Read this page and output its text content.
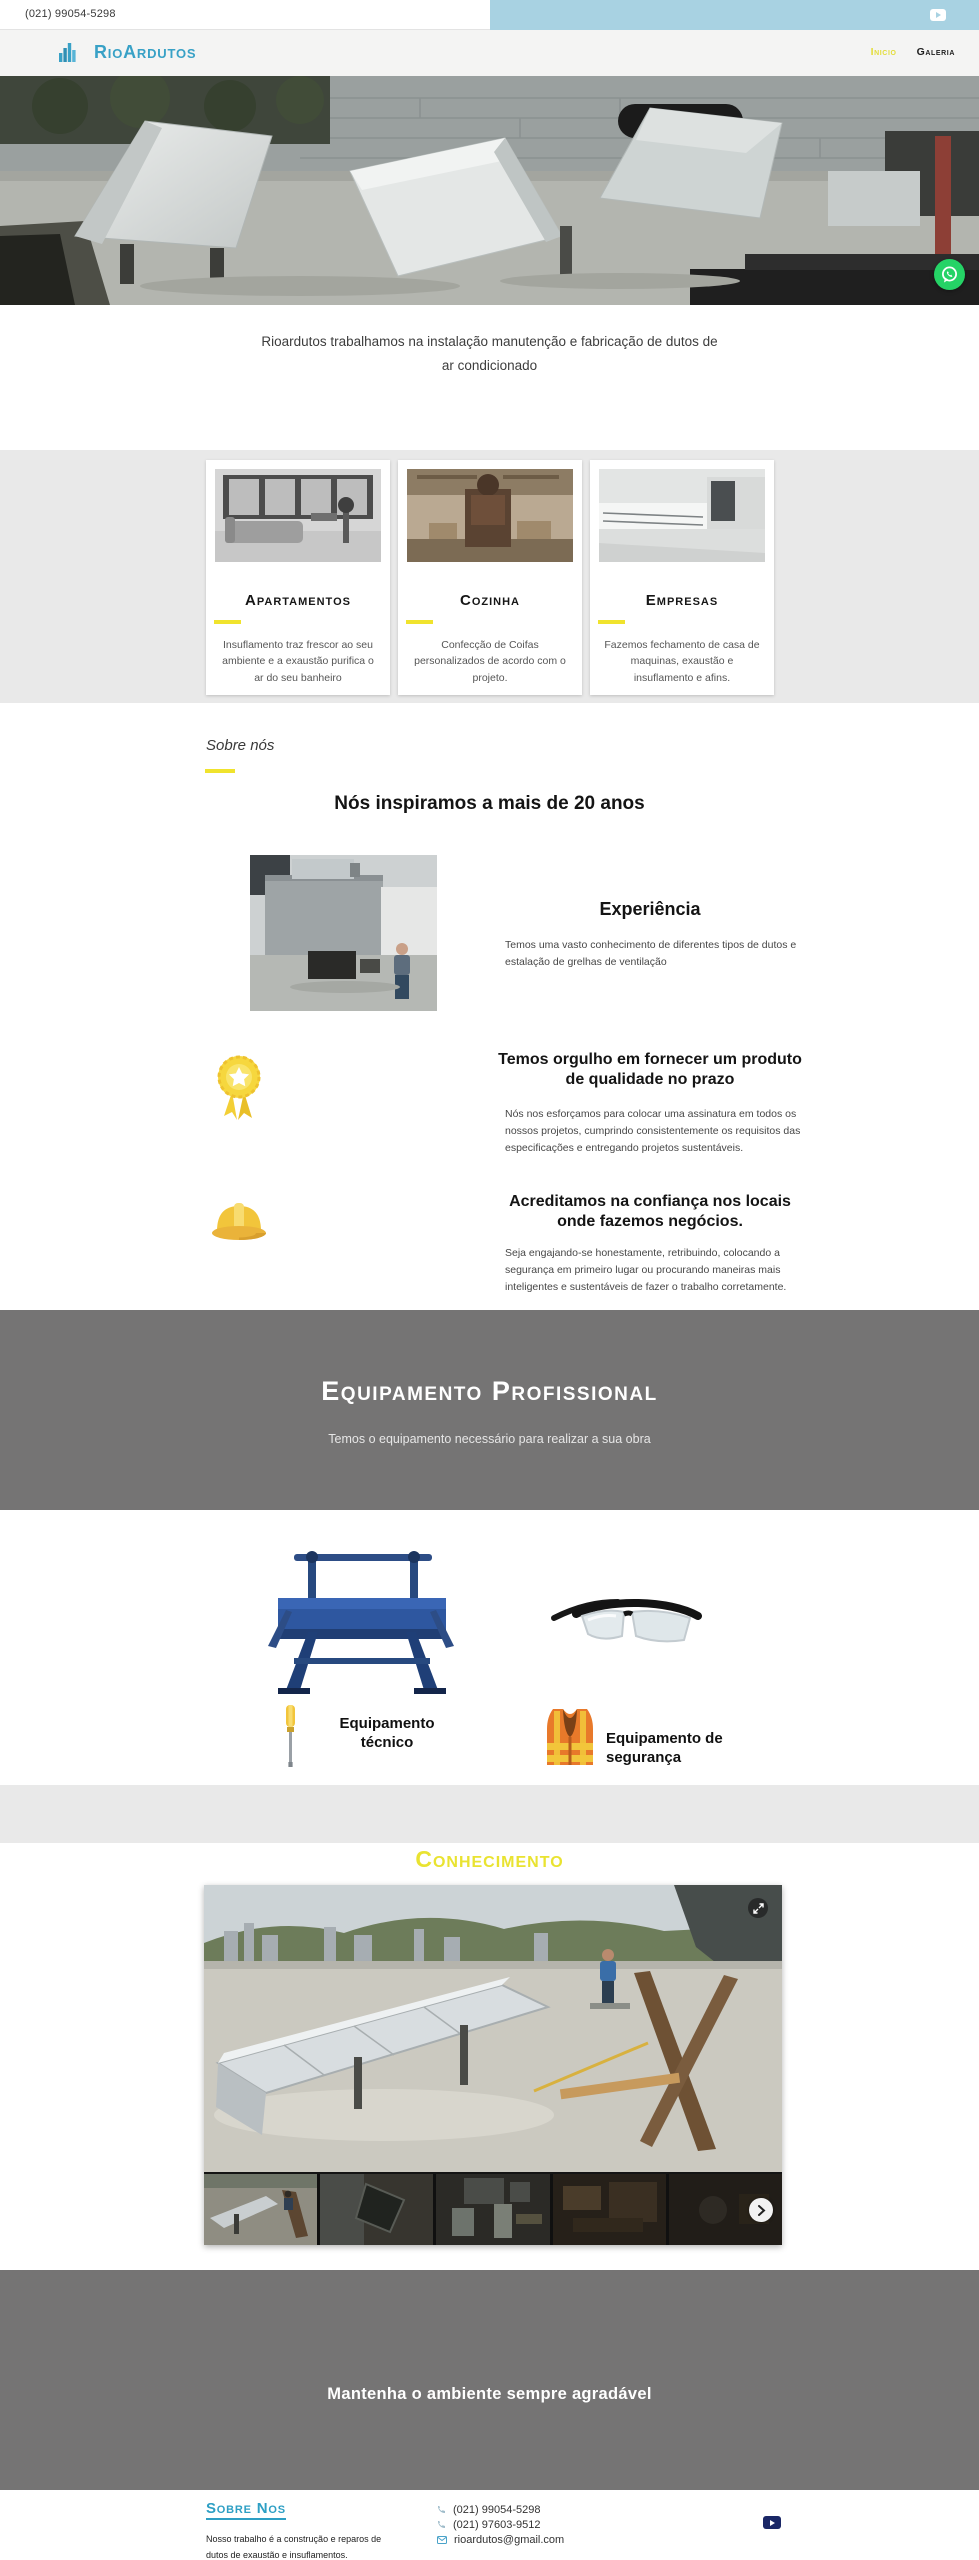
(021) 99054-5298
RioArdutos	Inicio Galeria
Rioardutos trabalhamos na instalação manutenção e fabricação de dutos de ar condicionado
Apartamentos
Insuflamento traz frescor ao seu ambiente e a exaustão purifica o ar do seu banheiro
Cozinha
Confecção de Coifas personalizados de acordo com o projeto.
Empresas
Fazemos fechamento de casa de maquinas, exaustão e insuflamento e afins.
Sobre nós
Nós inspiramos a mais de 20 anos
Experiência
Temos uma vasto conhecimento de diferentes tipos de dutos e estalação de grelhas de ventilação
Temos orgulho em fornecer um produto de qualidade no prazo
Nós nos esforçamos para colocar uma assinatura em todos os nossos projetos, cumprindo consistentemente os requisitos das especificações e entregando projetos sustentáveis.
Acreditamos na confiança nos locais onde fazemos negócios.
Seja engajando-se honestamente, retribuindo, colocando a segurança em primeiro lugar ou procurando maneiras mais inteligentes e sustentáveis de fazer o trabalho corretamente.
Equipamento Profissional
Temos o equipamento necessário para realizar a sua obra
Equipamento técnico	Equipamento de segurança
Conhecimento
Mantenha o ambiente sempre agradável
Sobre Nos
Nosso trabalho é a construção e reparos de dutos de exaustão e insuflamentos.
(021) 99054-5298
(021) 97603-9512
rioardutos@gmail.com
